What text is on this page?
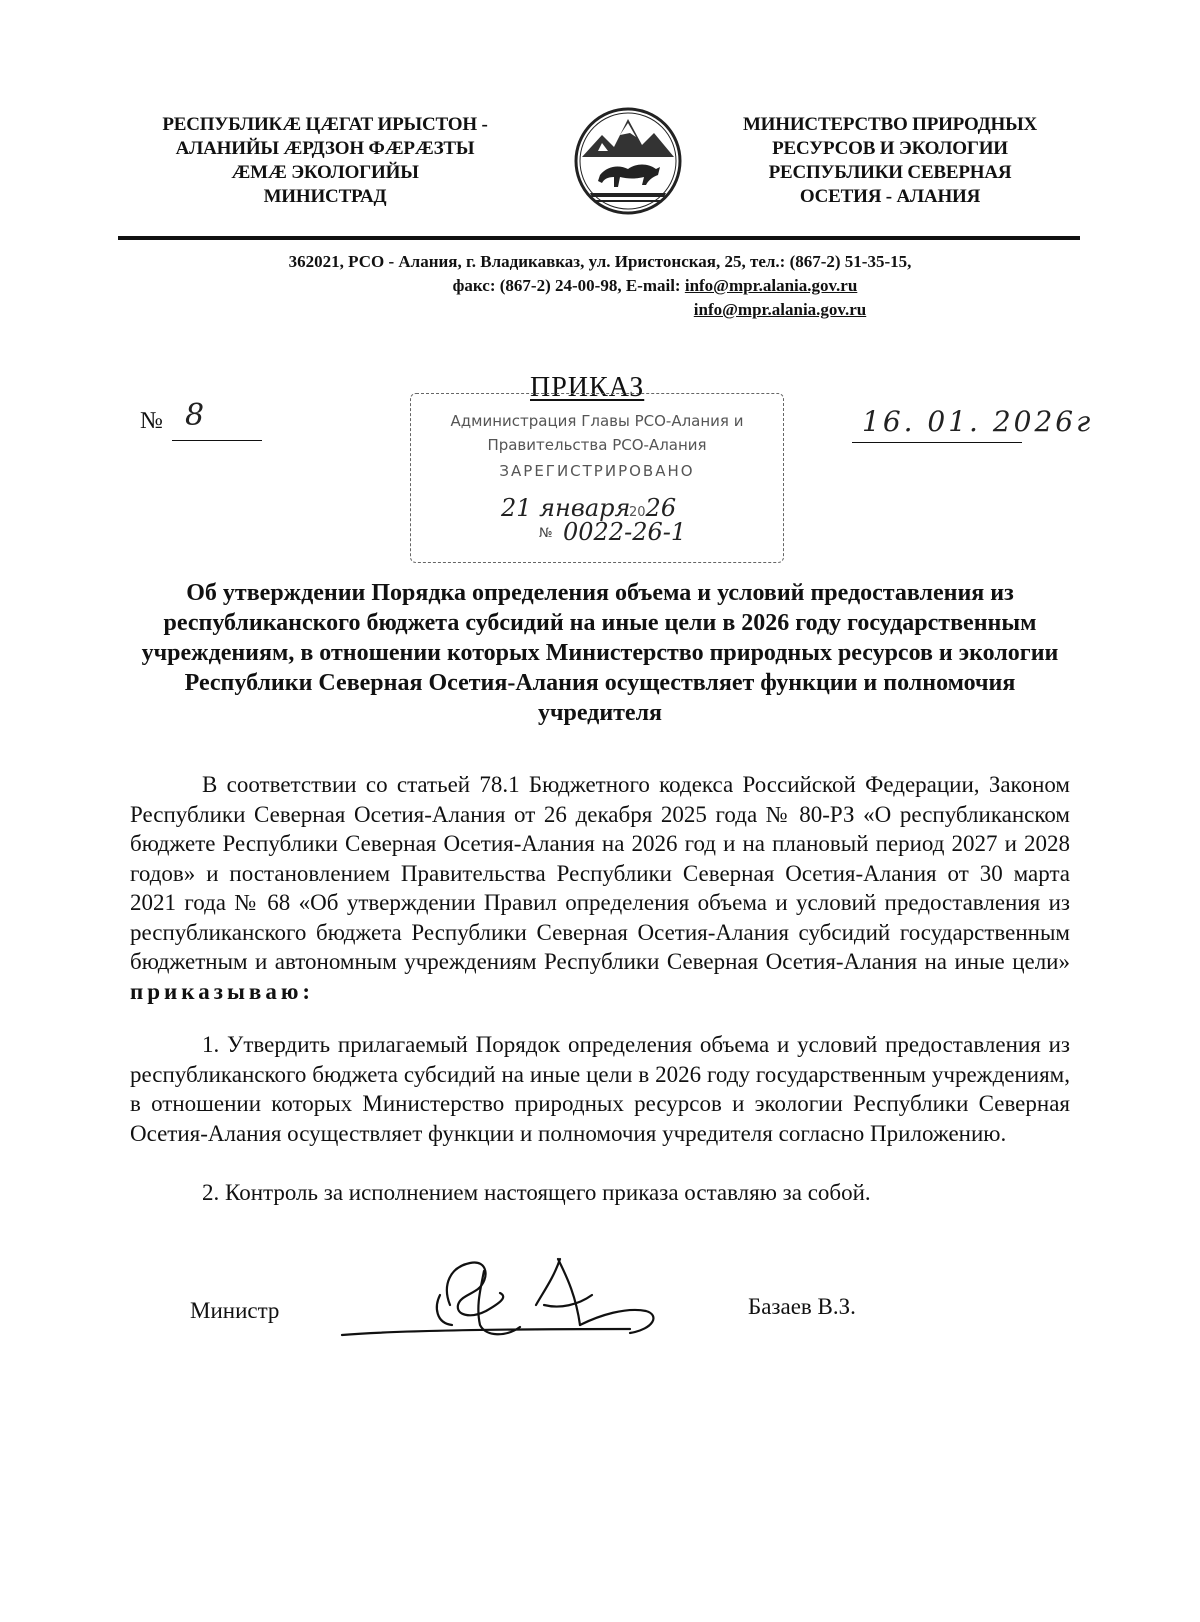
РЕСПУБЛИКÆ ЦÆГАТ ИРЫСТОН -
АЛАНИЙЫ ÆРДЗОН ФÆРÆЗТЫ
ÆМÆ ЭКОЛОГИЙЫ
МИНИСТРАД
МИНИСТЕРСТВО ПРИРОДНЫХ
РЕСУРСОВ И ЭКОЛОГИИ
РЕСПУБЛИКИ СЕВЕРНАЯ
ОСЕТИЯ - АЛАНИЯ
362021, РСО - Алания, г. Владикавказ, ул. Иристонская, 25, тел.: (867-2) 51-35-15,
факс: (867-2) 24-00-98, E-mail: info@mpr.alania.gov.ru
info@mpr.alania.gov.ru
ПРИКАЗ
№ 8	16. 01. 2026г
Администрация Главы РСО-Алания и
Правительства РСО-Алания
ЗАРЕГИСТРИРОВАНО
21 января
2026
№ 0022-26-1
Об утверждении Порядка определения объема и условий предоставления из республиканского бюджета субсидий на иные цели в 2026 году государственным учреждениям, в отношении которых Министерство природных ресурсов и экологии Республики Северная Осетия-Алания осуществляет функции и полномочия учредителя
В соответствии со статьей 78.1 Бюджетного кодекса Российской Федерации, Законом Республики Северная Осетия-Алания от 26 декабря 2025 года № 80-РЗ «О республиканском бюджете Республики Северная Осетия-Алания на 2026 год и на плановый период 2027 и 2028 годов» и постановлением Правительства Республики Северная Осетия-Алания от 30 марта 2021 года № 68 «Об утверждении Правил определения объема и условий предоставления из республиканского бюджета Республики Северная Осетия-Алания субсидий государственным бюджетным и автономным учреждениям Республики Северная Осетия-Алания на иные цели» приказываю:
1. Утвердить прилагаемый Порядок определения объема и условий предоставления из республиканского бюджета субсидий на иные цели в 2026 году государственным учреждениям, в отношении которых Министерство природных ресурсов и экологии Республики Северная Осетия-Алания осуществляет функции и полномочия учредителя согласно Приложению.
2. Контроль за исполнением настоящего приказа оставляю за собой.
Министр	Базаев В.З.
